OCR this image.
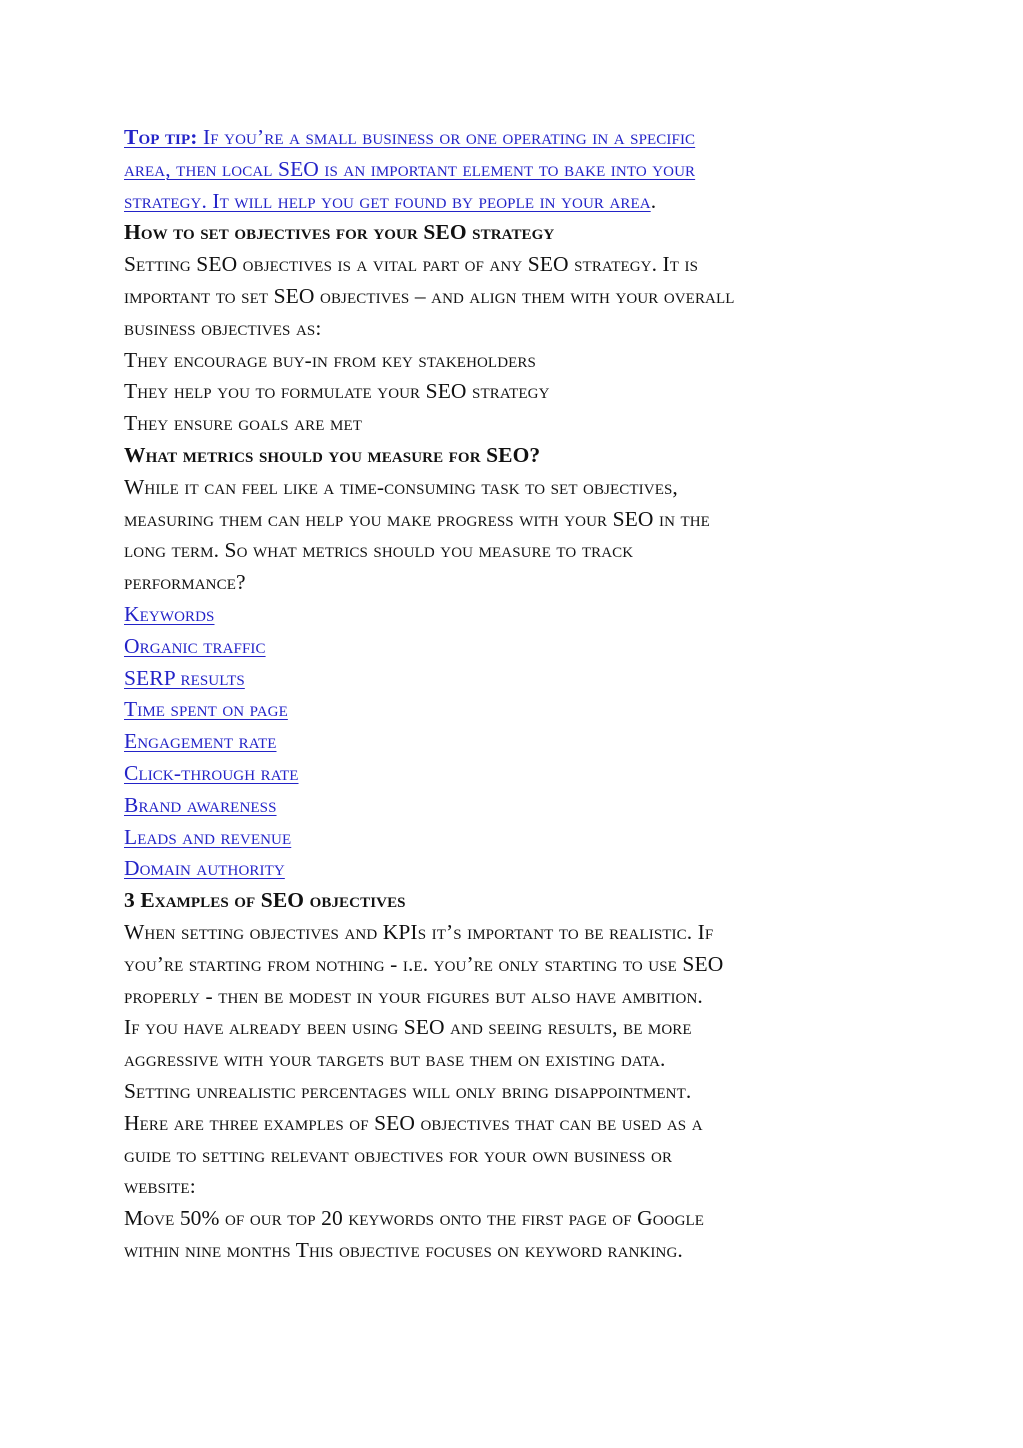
Top tip: If you’re a small business or one operating in a specific
area, then local SEO is an important element to bake into your
strategy. It will help you get found by people in your area.
How to set objectives for your SEO strategy
Setting SEO objectives is a vital part of any SEO strategy. It is
important to set SEO objectives – and align them with your overall
business objectives as:
They encourage buy-in from key stakeholders
They help you to formulate your SEO strategy
They ensure goals are met
What metrics should you measure for SEO?
While it can feel like a time-consuming task to set objectives,
measuring them can help you make progress with your SEO in the
long term. So what metrics should you measure to track
performance?
Keywords
Organic traffic
SERP results
Time spent on page
Engagement rate
Click-through rate
Brand awareness
Leads and revenue
Domain authority
3 Examples of SEO objectives
When setting objectives and KPIs it’s important to be realistic. If
you’re starting from nothing - i.e. you’re only starting to use SEO
properly - then be modest in your figures but also have ambition.
If you have already been using SEO and seeing results, be more
aggressive with your targets but base them on existing data.
Setting unrealistic percentages will only bring disappointment.
Here are three examples of SEO objectives that can be used as a
guide to setting relevant objectives for your own business or
website:
Move 50% of our top 20 keywords onto the first page of Google
within nine months This objective focuses on keyword ranking.
